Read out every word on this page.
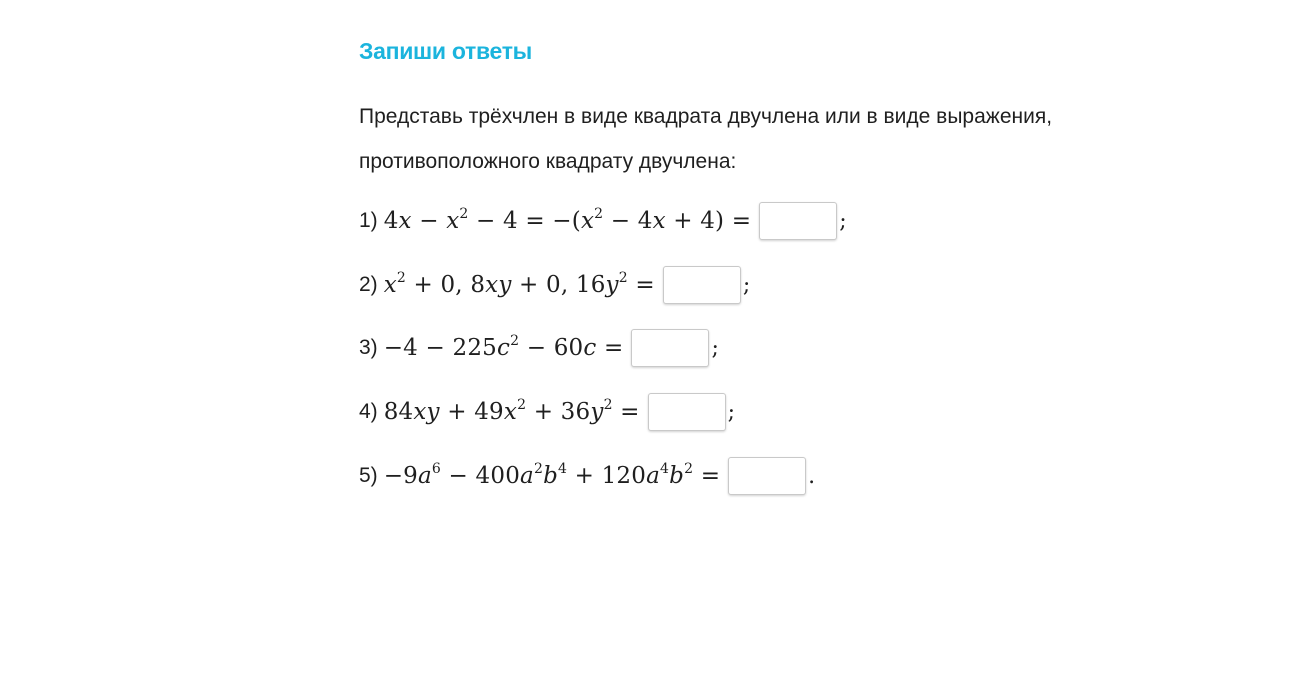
Запиши ответы
Представь трёхчлен в виде квадрата двучлена или в виде выражения,
противоположного квадрату двучлена:
1) $4x - x^2 - 4 = -(x^2 - 4x + 4)$ =	;
2) $x^2 + 0$, 8xy + 0, $16y^2$ =	;
$3) -4 - 225c^2 - 60c$ =	;
4) $84xy + 49x^2 + 36y^2$ =	;
$5) -9a^6 - 400a^2b^4 + 120a^4b^2$ =	.
